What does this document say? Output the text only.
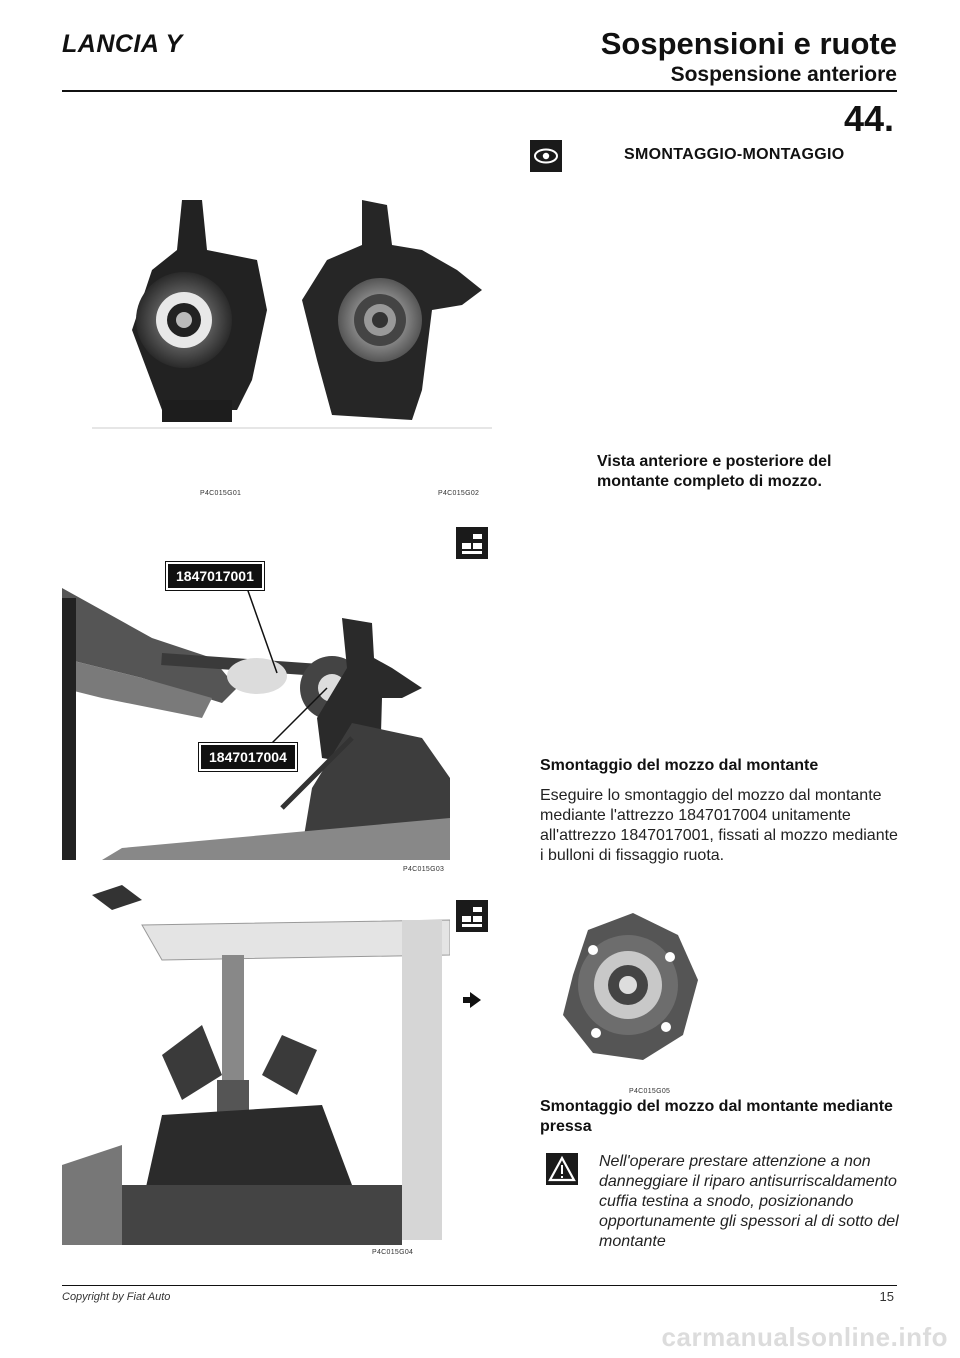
LANCIA Y	Sospensioni e ruote
Sospensione anteriore
44.
SMONTAGGIO-MONTAGGIO
P4C015G01	P4C015G02
Vista anteriore e posteriore del montante completo di mozzo.
1847017001
1847017004
P4C015G03
Smontaggio del mozzo dal montante
Eseguire lo smontaggio del mozzo dal montante mediante l'attrezzo 1847017004 unitamente all'attrezzo 1847017001, fissati al mozzo mediante i bulloni di fissaggio ruota.
P4C015G04
P4C015G05
Smontaggio del mozzo dal montante mediante pressa
Nell'operare prestare attenzione a non danneggiare il riparo antisurriscaldamento cuffia testina a snodo, posizionando opportunamente gli spessori al di sotto del montante
Copyright by Fiat Auto	15
carmanualsonline.info
